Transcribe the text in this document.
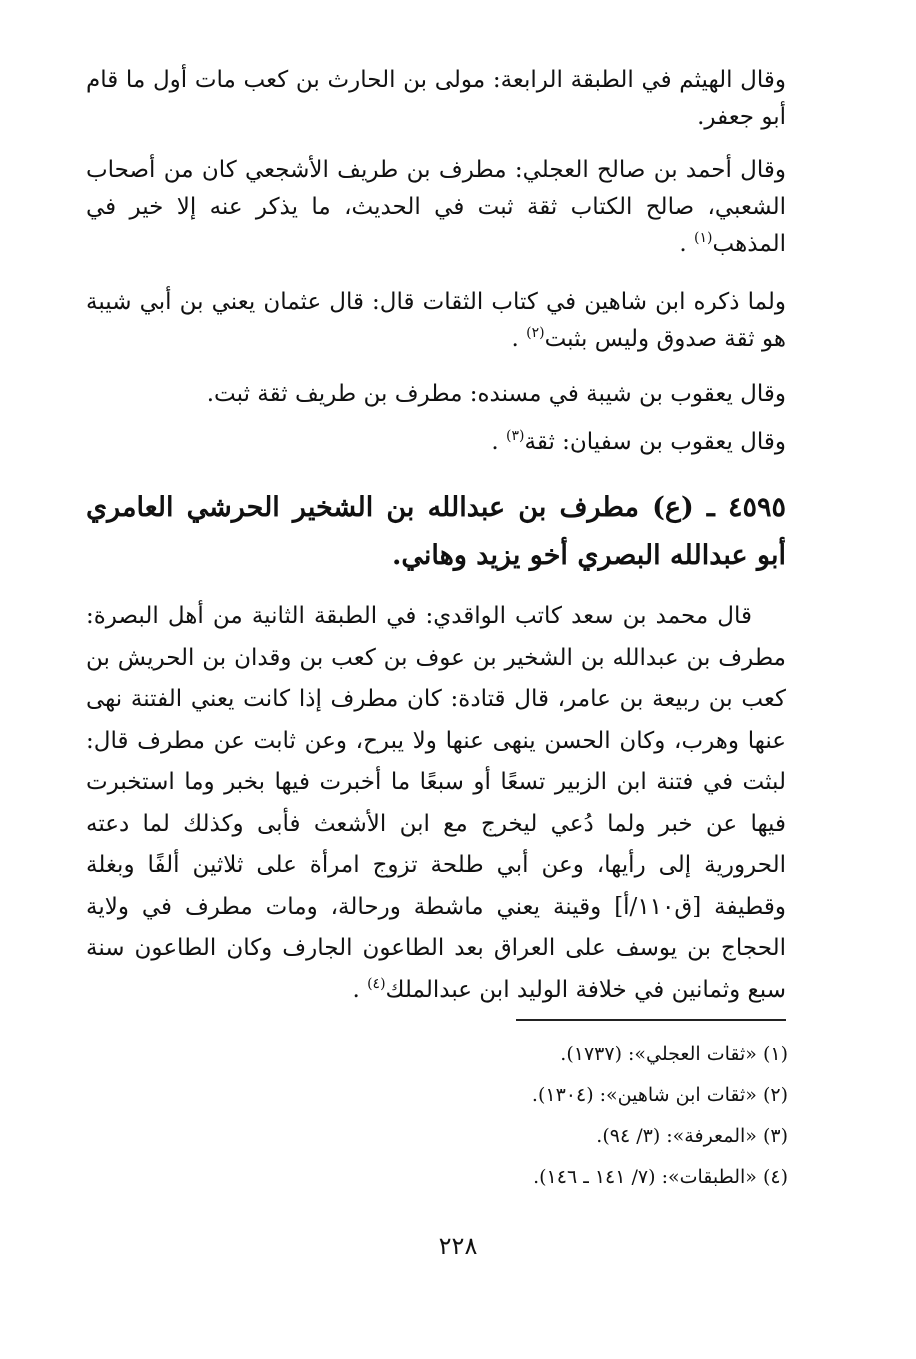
وقال الهيثم في الطبقة الرابعة: مولى بن الحارث بن كعب مات أول ما قام أبو جعفر.

وقال أحمد بن صالح العجلي: مطرف بن طريف الأشجعي كان من أصحاب الشعبي، صالح الكتاب ثقة ثبت في الحديث، ما يذكر عنه إلا خير في المذهب$^{(١)}$ .

ولما ذكره ابن شاهين في كتاب الثقات قال: قال عثمان يعني بن أبي شيبة هو ثقة صدوق وليس بثبت$^{(٢)}$ .

وقال يعقوب بن شيبة في مسنده: مطرف بن طريف ثقة ثبت.

وقال يعقوب بن سفيان: ثقة$^{(٣)}$ .

٤٥٩٥ ـ (ع) مطرف بن عبدالله بن الشخير الحرشي العامري أبو عبدالله البصري أخو يزيد وهاني.

قال محمد بن سعد كاتب الواقدي: في الطبقة الثانية من أهل البصرة: مطرف بن عبدالله بن الشخير بن عوف بن كعب بن وقدان بن الحريش بن كعب بن ربيعة بن عامر، قال قتادة: كان مطرف إذا كانت يعني الفتنة نهى عنها وهرب، وكان الحسن ينهى عنها ولا يبرح، وعن ثابت عن مطرف قال: لبثت في فتنة ابن الزبير تسعًا أو سبعًا ما أخبرت فيها بخبر وما استخبرت فيها عن خبر ولما دُعي ليخرج مع ابن الأشعث فأبى وكذلك لما دعته الحرورية إلى رأيها، وعن أبي طلحة تزوج امرأة على ثلاثين ألفًا وبغلة وقطيفة [ق١١٠/أ] وقينة يعني ماشطة ورحالة، ومات مطرف في ولاية الحجاج بن يوسف على العراق بعد الطاعون الجارف وكان الطاعون سنة سبع وثمانين في خلافة الوليد ابن عبدالملك$^{(٤)}$ .

(١) «ثقات العجلي»: (١٧٣٧).
(٢) «ثقات ابن شاهين»: (١٣٠٤).
(٣) «المعرفة»: (٣/ ٩٤).
(٤) «الطبقات»: (٧/ ١٤١ ـ ١٤٦).
٢٢٨
